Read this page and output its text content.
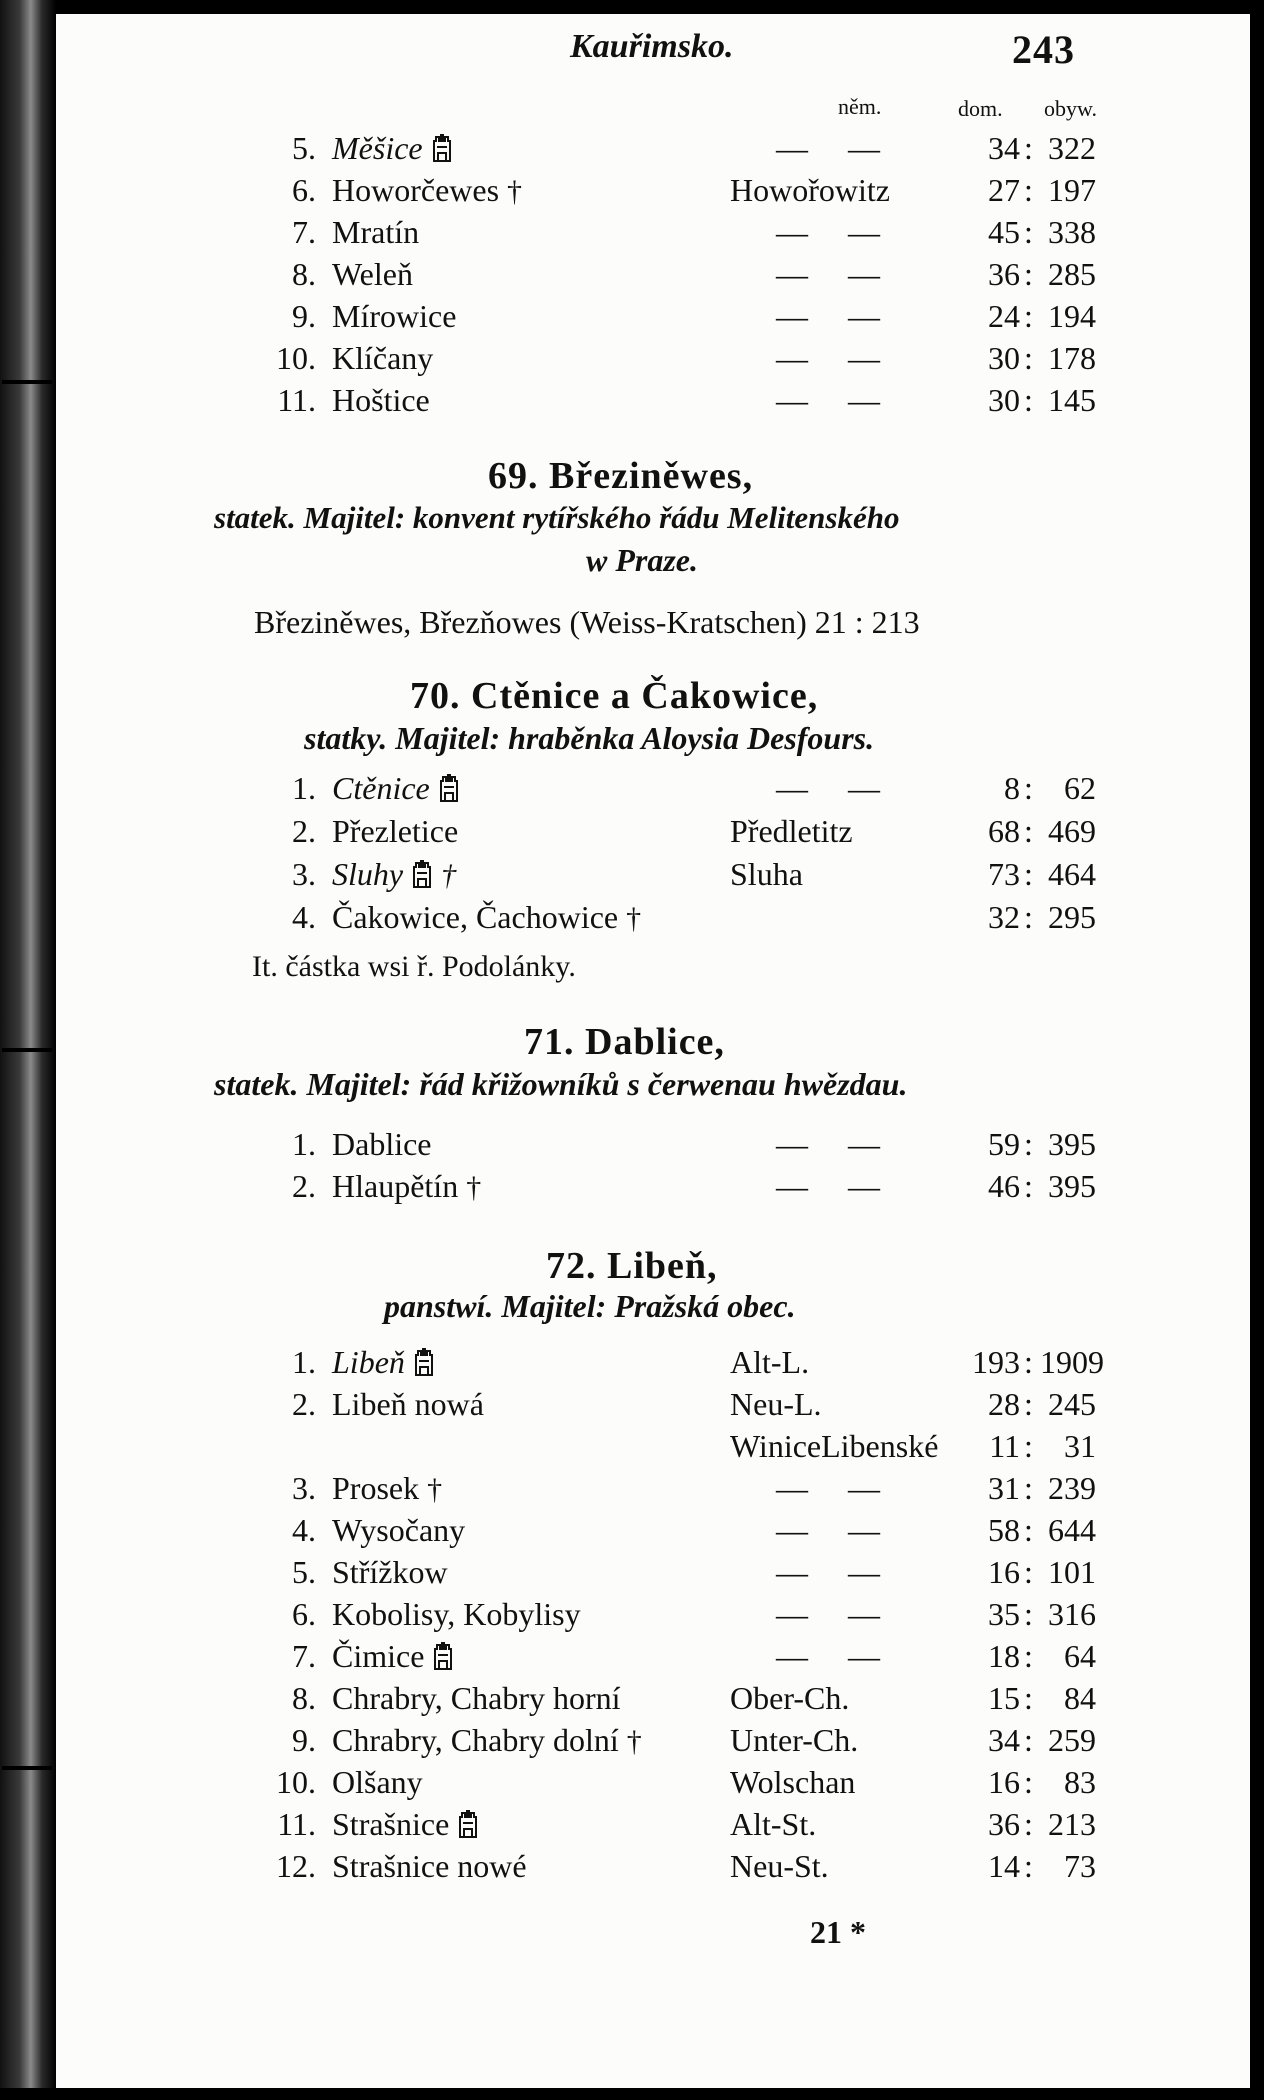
Kauřimsko.	243
něm.	dom. obyw.
5. Měšice	— —	34 : 322
6. Howorčewes †	Howořowitz	27 : 197
7. Mratín	— —	45 : 338
8. Weleň	— —	36 : 285
9. Mírowice	— —	24 : 194
10. Klíčany	— —	30 : 178
11. Hoštice	— —	30 : 145
69. Březiněwes,
statek. Majitel: konvent rytířského řádu Melitenského
w Praze.
Březiněwes, Březňowes (Weiss-Kratschen) 21 : 213
70. Ctěnice a Čakowice,
statky. Majitel: hraběnka Aloysia Desfours.
1. Ctěnice	— —	8 : 62
2. Přezletice	Předletitz	68 : 469
3. Sluhy †	Sluha	73 : 464
4. Čakowice, Čachowice †	32 : 295
It. částka wsi ř. Podolánky.
71. Dablice,
statek. Majitel: řád křižowníků s čerwenau hwězdau.
1. Dablice	— —	59 : 395
2. Hlaupětín †	— —	46 : 395
72. Libeň,
panstwí. Majitel: Pražská obec.
1. Libeň	Alt-L.	193 : 1909
2. Libeň nowá	Neu-L.	28 : 245
WiniceLibenské	11 : 31
3. Prosek †	— —	31 : 239
4. Wysočany	— —	58 : 644
5. Střížkow	— —	16 : 101
6. Kobolisy, Kobylisy	— —	35 : 316
7. Čimice	— —	18 : 64
8. Chrabry, Chabry horní	Ober-Ch.	15 : 84
9. Chrabry, Chabry dolní †	Unter-Ch.	34 : 259
10. Olšany	Wolschan	16 : 83
11. Strašnice	Alt-St.	36 : 213
12. Strašnice nowé	Neu-St.	14 : 73
21 *
